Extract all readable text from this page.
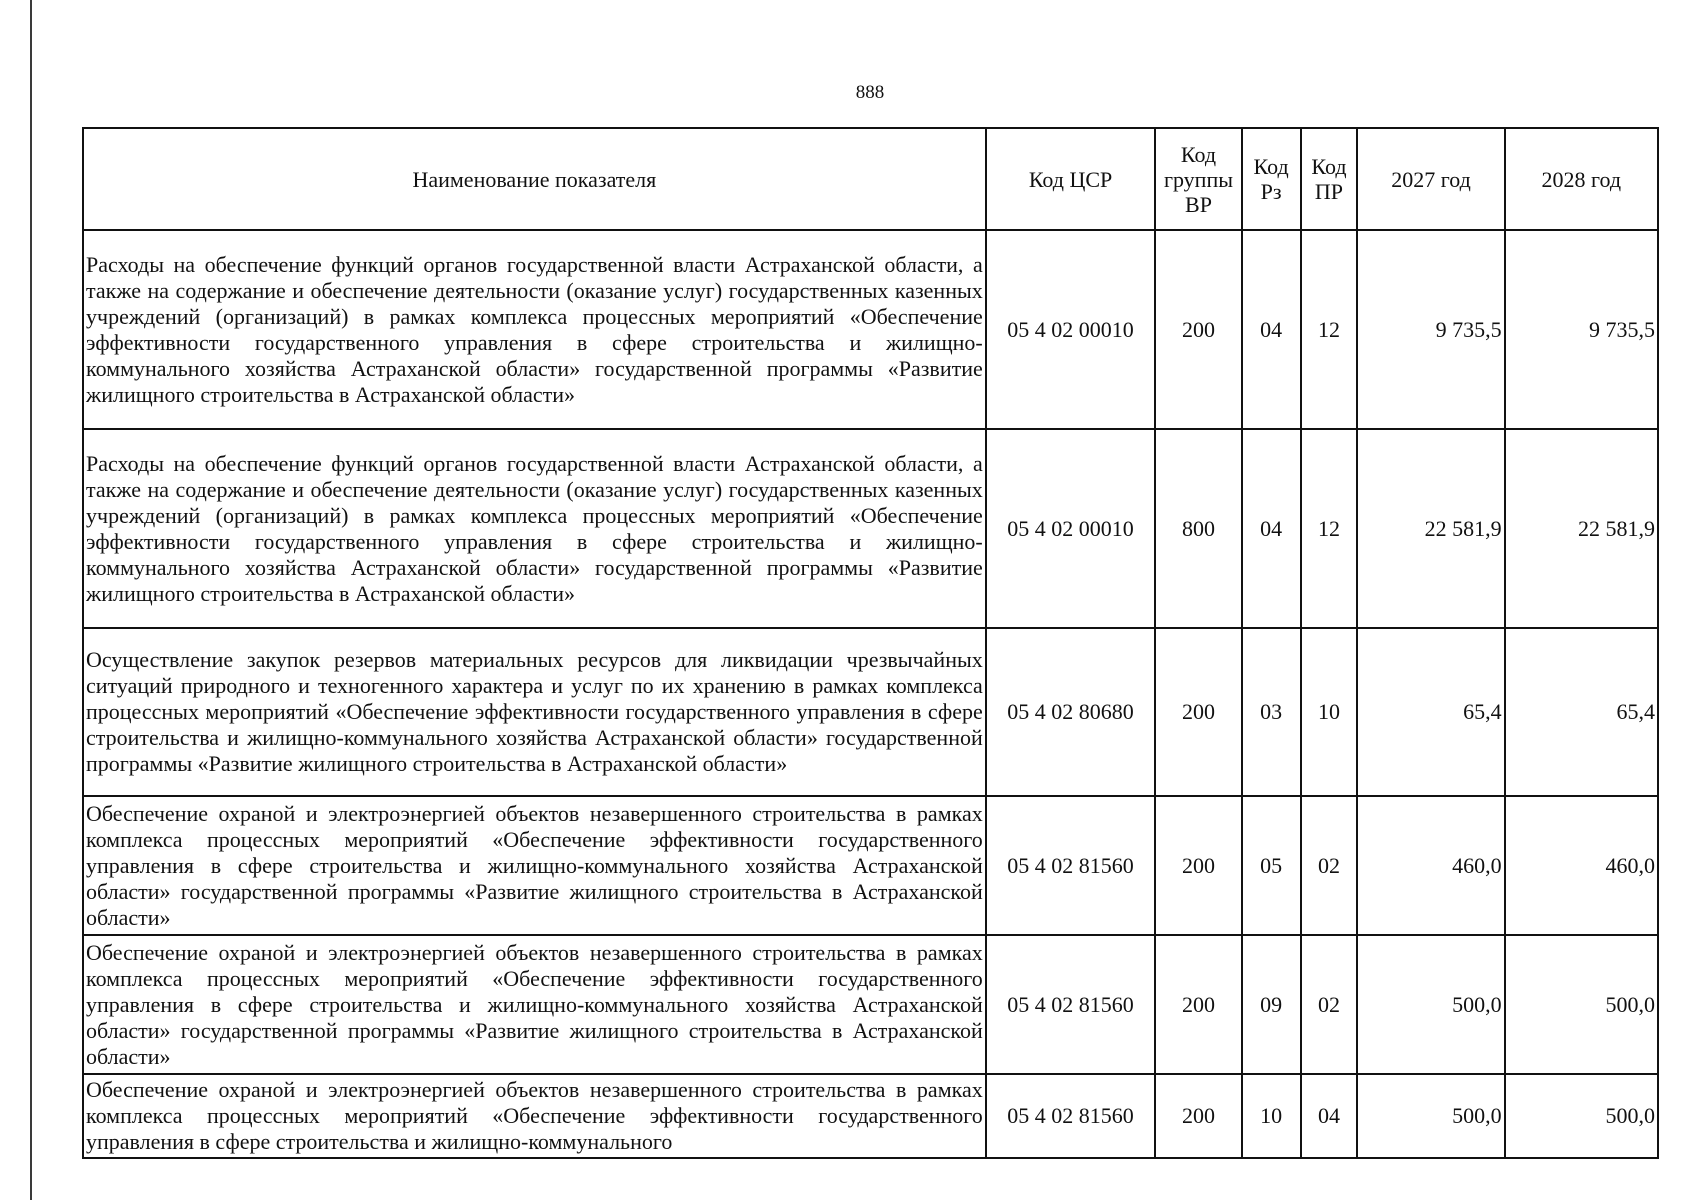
888
Наименование показателя	Код ЦСР	Код группы ВР	Код Рз	Код ПР	2027 год	2028 год
Расходы на обеспечение функций органов государственной власти Астраханской области, а также на содержание и обеспечение деятельности (оказание услуг) государственных казенных учреждений (организаций) в рамках комплекса процессных мероприятий «Обеспечение эффективности государственного управления в сфере строительства и жилищно-коммунального хозяйства Астраханской области» государственной программы «Развитие жилищного строительства в Астраханской области»	05 4 02 00010	200	04	12	9 735,5	9 735,5
Расходы на обеспечение функций органов государственной власти Астраханской области, а также на содержание и обеспечение деятельности (оказание услуг) государственных казенных учреждений (организаций) в рамках комплекса процессных мероприятий «Обеспечение эффективности государственного управления в сфере строительства и жилищно-коммунального хозяйства Астраханской области» государственной программы «Развитие жилищного строительства в Астраханской области»	05 4 02 00010	800	04	12	22 581,9	22 581,9
Осуществление закупок резервов материальных ресурсов для ликвидации чрезвычайных ситуаций природного и техногенного характера и услуг по их хранению в рамках комплекса процессных мероприятий «Обеспечение эффективности государственного управления в сфере строительства и жилищно-коммунального хозяйства Астраханской области» государственной программы «Развитие жилищного строительства в Астраханской области»	05 4 02 80680	200	03	10	65,4	65,4
Обеспечение охраной и электроэнергией объектов незавершенного строительства в рамках комплекса процессных мероприятий «Обеспечение эффективности государственного управления в сфере строительства и жилищно-коммунального хозяйства Астраханской области» государственной программы «Развитие жилищного строительства в Астраханской области»	05 4 02 81560	200	05	02	460,0	460,0
Обеспечение охраной и электроэнергией объектов незавершенного строительства в рамках комплекса процессных мероприятий «Обеспечение эффективности государственного управления в сфере строительства и жилищно-коммунального хозяйства Астраханской области» государственной программы «Развитие жилищного строительства в Астраханской области»	05 4 02 81560	200	09	02	500,0	500,0

Обеспечение охраной и электроэнергией объектов незавершенного строительства в рамках комплекса процессных мероприятий «Обеспечение эффективности государственного управления в сфере строительства и жилищно-коммунального	05 4 02 81560	200	10	04	500,0	500,0
